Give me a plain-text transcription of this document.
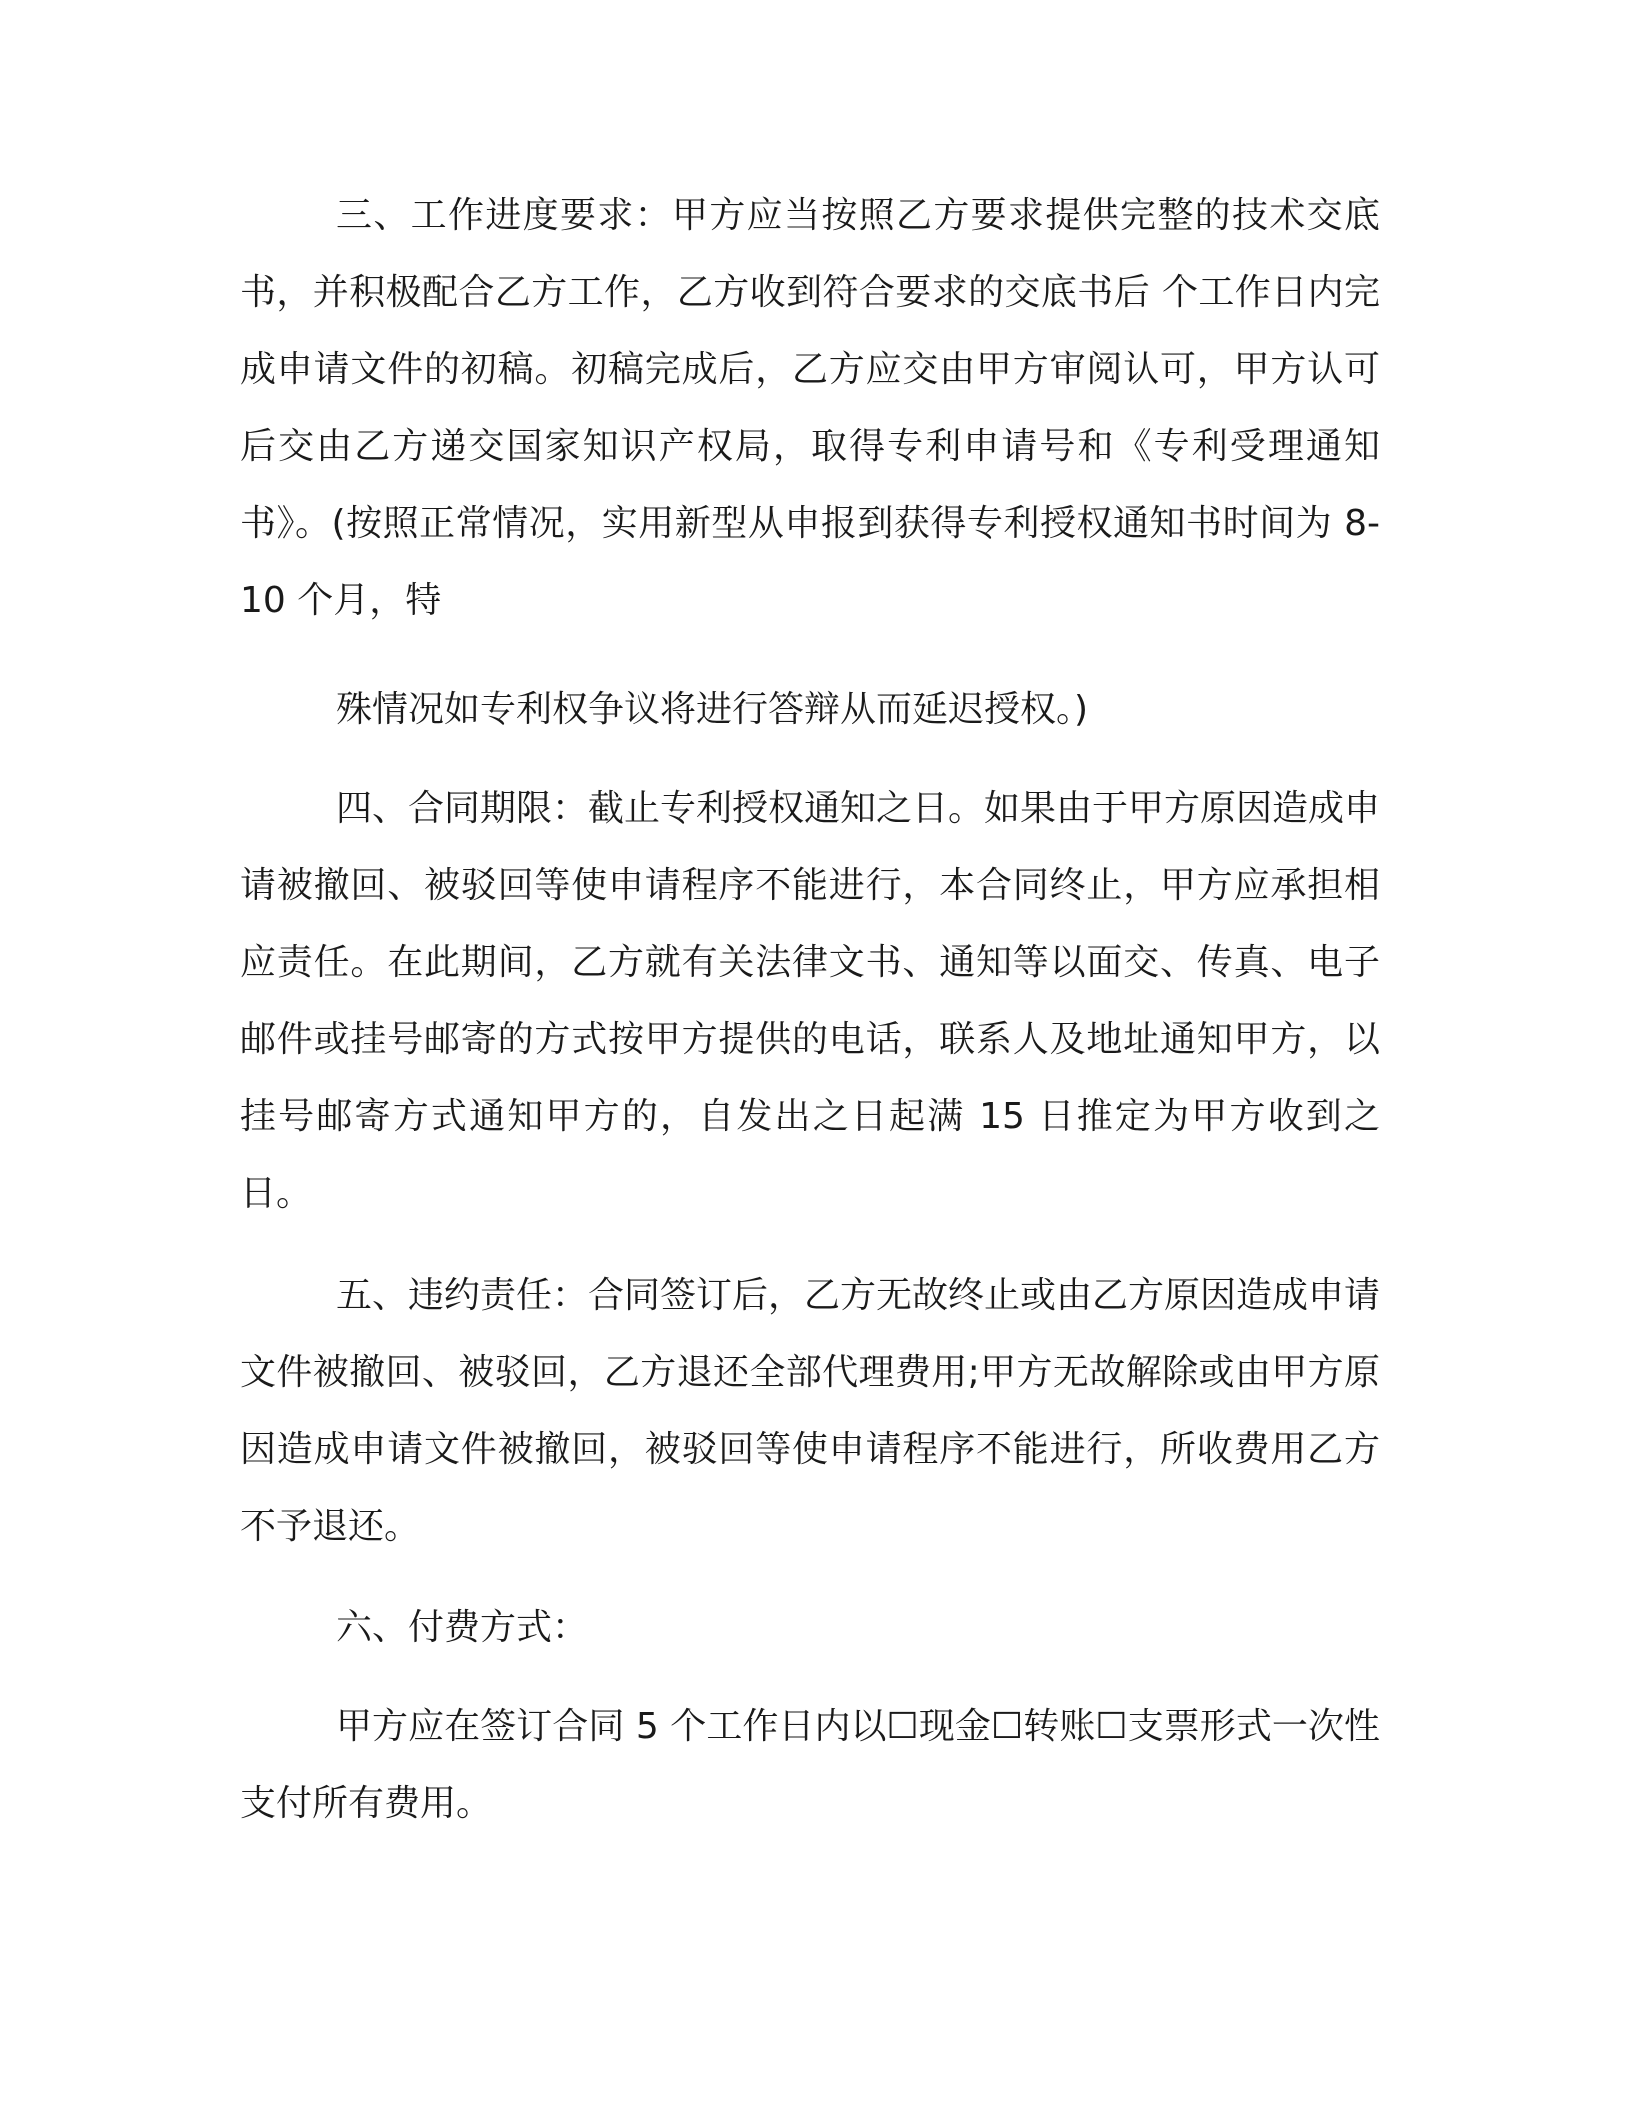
三、工作进度要求：甲方应当按照乙方要求提供完整的技术交底书，并积极配合乙方工作，乙方收到符合要求的交底书后 个工作日内完成申请文件的初稿。初稿完成后，乙方应交由甲方审阅认可，甲方认可后交由乙方递交国家知识产权局，取得专利申请号和《专利受理通知书》。(按照正常情况，实用新型从申报到获得专利授权通知书时间为 8-10 个月，特

殊情况如专利权争议将进行答辩从而延迟授权。)

四、合同期限：截止专利授权通知之日。如果由于甲方原因造成申请被撤回、被驳回等使申请程序不能进行，本合同终止，甲方应承担相应责任。在此期间，乙方就有关法律文书、通知等以面交、传真、电子邮件或挂号邮寄的方式按甲方提供的电话，联系人及地址通知甲方，以挂号邮寄方式通知甲方的，自发出之日起满 15 日推定为甲方收到之日。

五、违约责任：合同签订后，乙方无故终止或由乙方原因造成申请文件被撤回、被驳回，乙方退还全部代理费用;甲方无故解除或由甲方原因造成申请文件被撤回，被驳回等使申请程序不能进行，所收费用乙方不予退还。

六、付费方式：

甲方应在签订合同 5 个工作日内以☐现金☐转账☐支票形式一次性支付所有费用。
